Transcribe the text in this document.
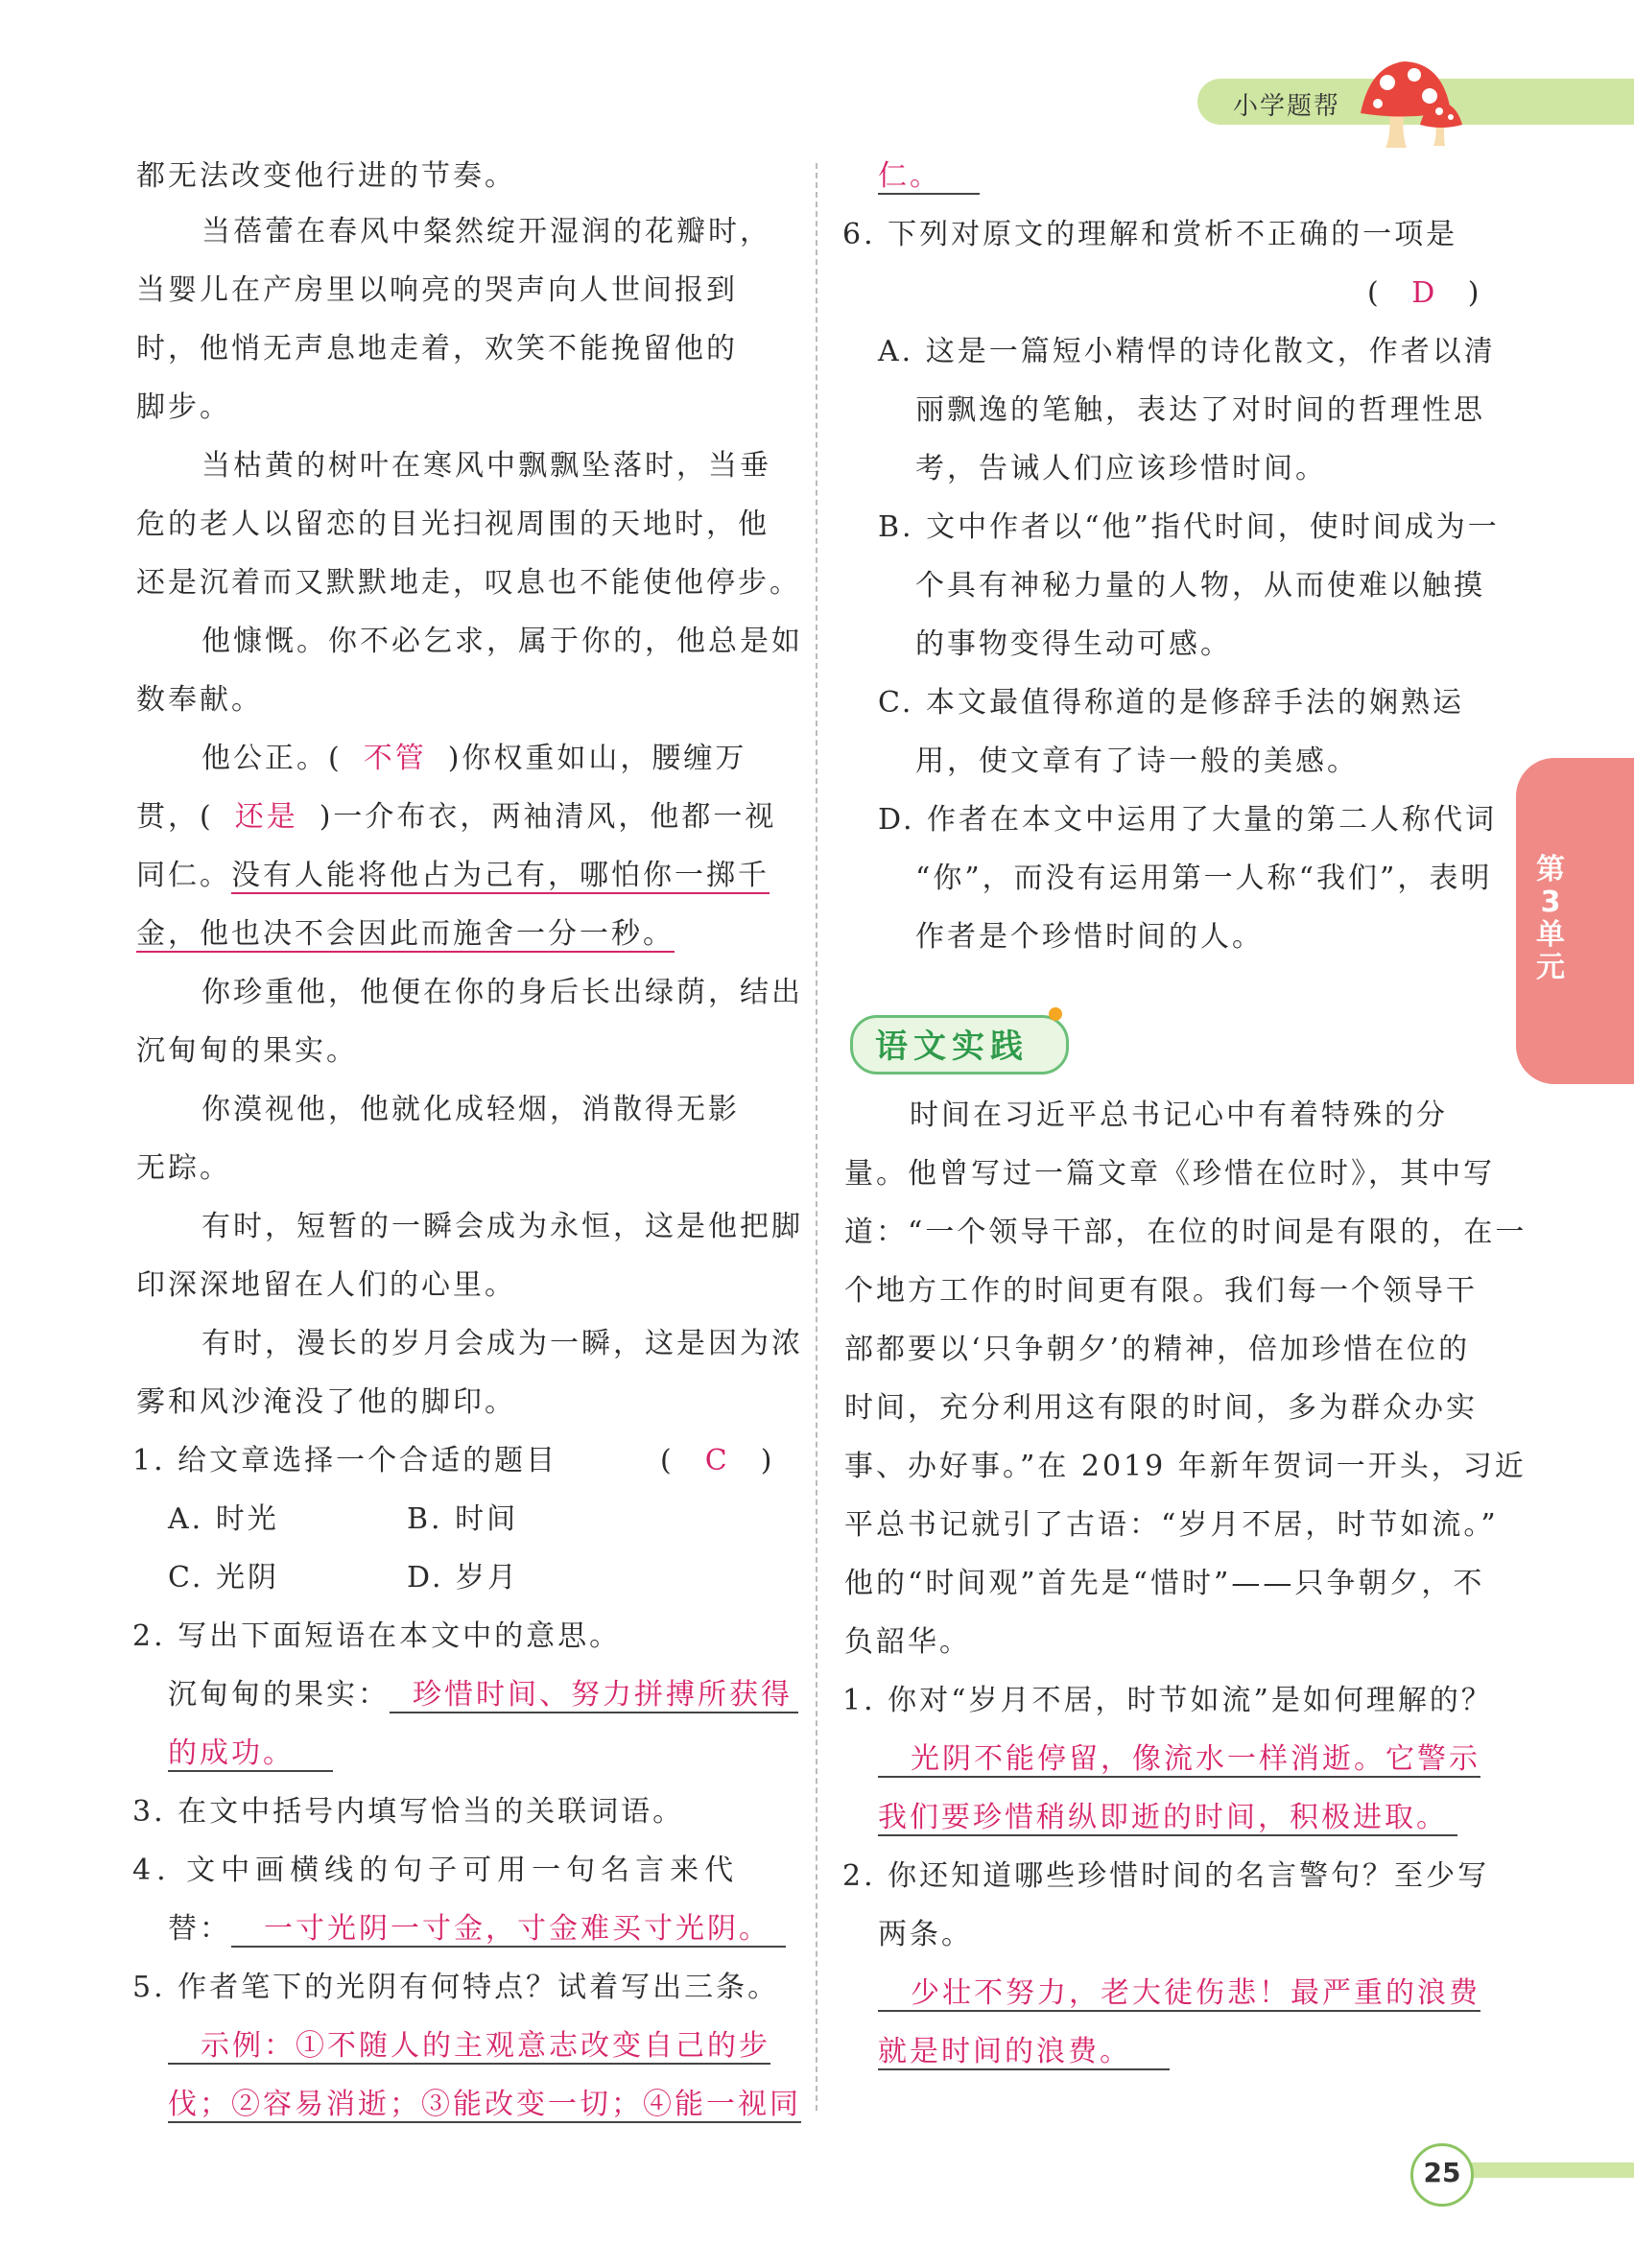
小学题帮
第3单元
都无法改变他行进的节奏。
当蓓蕾在春风中粲然绽开湿润的花瓣时，
当婴儿在产房里以响亮的哭声向人世间报到
时，他悄无声息地走着，欢笑不能挽留他的
脚步。
当枯黄的树叶在寒风中飘飘坠落时，当垂
危的老人以留恋的目光扫视周围的天地时，他
还是沉着而又默默地走，叹息也不能使他停步。
他慷慨。你不必乞求，属于你的，他总是如
数奉献。
他公正。( 不管 )你权重如山，腰缠万
贯，( 还是 )一介布衣，两袖清风，他都一视
同仁。没有人能将他占为己有，哪怕你一掷千
金，他也决不会因此而施舍一分一秒。
你珍重他，他便在你的身后长出绿荫，结出
沉甸甸的果实。
你漠视他，他就化成轻烟，消散得无影
无踪。
有时，短暂的一瞬会成为永恒，这是他把脚
印深深地留在人们的心里。
有时，漫长的岁月会成为一瞬，这是因为浓
雾和风沙淹没了他的脚印。
1. 给文章选择一个合适的题目	( C )
A. 时光	B. 时间
C. 光阴	D. 岁月
2. 写出下面短语在本文中的意思。
沉甸甸的果实： 珍惜时间、努力拼搏所获得
的成功。
3. 在文中括号内填写恰当的关联词语。
4. 文中画横线的句子可用一句名言来代
替： 一寸光阴一寸金，寸金难买寸光阴。
5. 作者笔下的光阴有何特点？试着写出三条。
示例：①不随人的主观意志改变自己的步
伐；②容易消逝；③能改变一切；④能一视同
仁。
6. 下列对原文的理解和赏析不正确的一项是
( D )
A. 这是一篇短小精悍的诗化散文，作者以清
丽飘逸的笔触，表达了对时间的哲理性思
考，告诫人们应该珍惜时间。
B. 文中作者以“他”指代时间，使时间成为一
个具有神秘力量的人物，从而使难以触摸
的事物变得生动可感。
C. 本文最值得称道的是修辞手法的娴熟运
用，使文章有了诗一般的美感。
D. 作者在本文中运用了大量的第二人称代词
“你”，而没有运用第一人称“我们”，表明
作者是个珍惜时间的人。
语文实践
时间在习近平总书记心中有着特殊的分
量。他曾写过一篇文章《珍惜在位时》，其中写
道：“一个领导干部，在位的时间是有限的，在一
个地方工作的时间更有限。我们每一个领导干
部都要以‘只争朝夕’的精神，倍加珍惜在位的
时间，充分利用这有限的时间，多为群众办实
事、办好事。”在 2019 年新年贺词一开头，习近
平总书记就引了古语：“岁月不居，时节如流。”
他的“时间观”首先是“惜时”——只争朝夕，不
负韶华。
1. 你对“岁月不居，时节如流”是如何理解的？
光阴不能停留，像流水一样消逝。它警示
我们要珍惜稍纵即逝的时间，积极进取。
2. 你还知道哪些珍惜时间的名言警句？至少写
两条。
少壮不努力，老大徒伤悲！最严重的浪费
就是时间的浪费。
25
